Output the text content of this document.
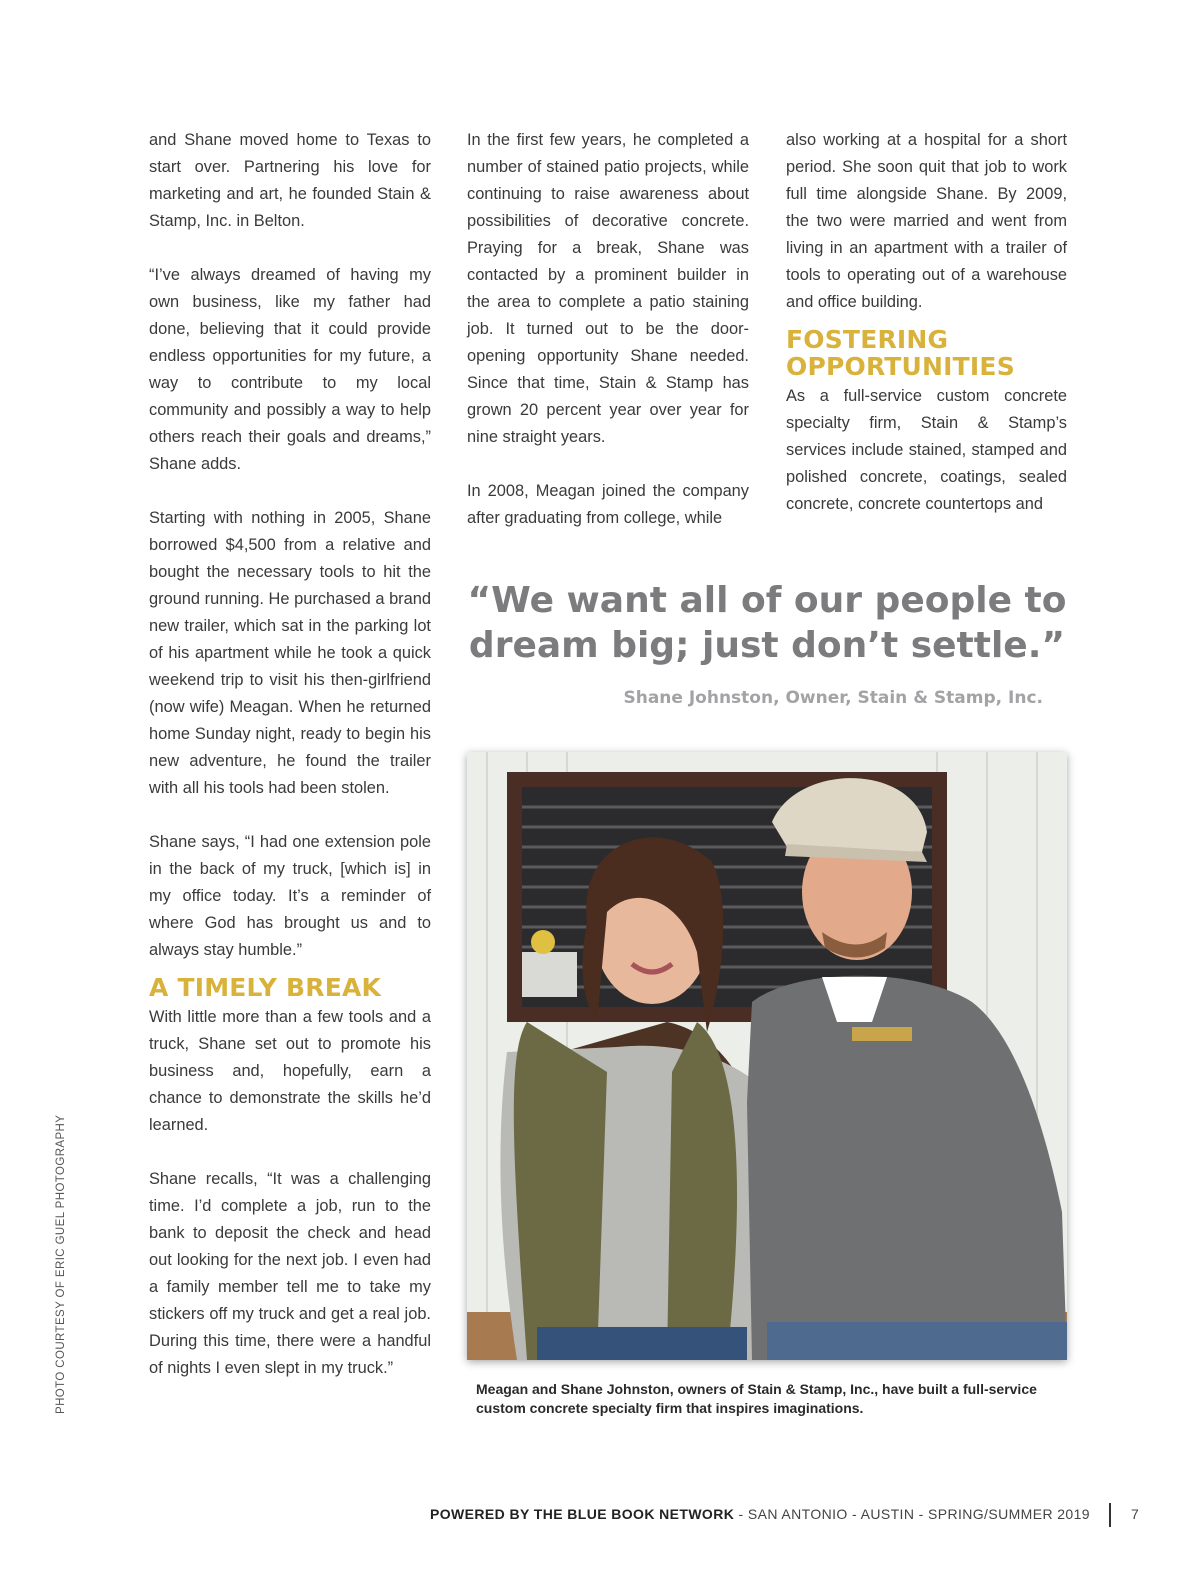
and Shane moved home to Texas to start over. Partnering his love for marketing and art, he founded Stain & Stamp, Inc. in Belton.

“I’ve always dreamed of having my own business, like my father had done, believing that it could provide endless opportunities for my future, a way to contribute to my local community and possibly a way to help others reach their goals and dreams,” Shane adds.

Starting with nothing in 2005, Shane borrowed $4,500 from a relative and bought the necessary tools to hit the ground running. He purchased a brand new trailer, which sat in the parking lot of his apartment while he took a quick weekend trip to visit his then-girlfriend (now wife) Meagan. When he returned home Sunday night, ready to begin his new adventure, he found the trailer with all his tools had been stolen.

Shane says, “I had one extension pole in the back of my truck, [which is] in my office today. It’s a reminder of where God has brought us and to always stay humble.”

A TIMELY BREAK

With little more than a few tools and a truck, Shane set out to promote his business and, hopefully, earn a chance to demonstrate the skills he’d learned.

Shane recalls, “It was a challenging time. I’d complete a job, run to the bank to deposit the check and head out looking for the next job. I even had a family member tell me to take my stickers off my truck and get a real job. During this time, there were a handful of nights I even slept in my truck.”

In the first few years, he completed a number of stained patio projects, while continuing to raise awareness about possibilities of decorative concrete. Praying for a break, Shane was contacted by a prominent builder in the area to complete a patio staining job. It turned out to be the door-opening opportunity Shane needed. Since that time, Stain & Stamp has grown 20 percent year over year for nine straight years.

In 2008, Meagan joined the company after graduating from college, while

also working at a hospital for a short period. She soon quit that job to work full time alongside Shane. By 2009, the two were married and went from living in an apartment with a trailer of tools to operating out of a warehouse and office building.

FOSTERING
OPPORTUNITIES

As a full-service custom concrete specialty firm, Stain & Stamp’s services include stained, stamped and polished concrete, coatings, sealed concrete, concrete countertops and

“We want all of our people to
dream big; just don’t settle.”
Shane Johnston, Owner, Stain & Stamp, Inc.
Meagan and Shane Johnston, owners of Stain & Stamp, Inc., have built a full-service
custom concrete specialty firm that inspires imaginations.
PHOTO COURTESY OF ERIC GUEL PHOTOGRAPHY
POWERED BY THE BLUE BOOK NETWORK - SAN ANTONIO - AUSTIN - SPRING/SUMMER 2019	7
